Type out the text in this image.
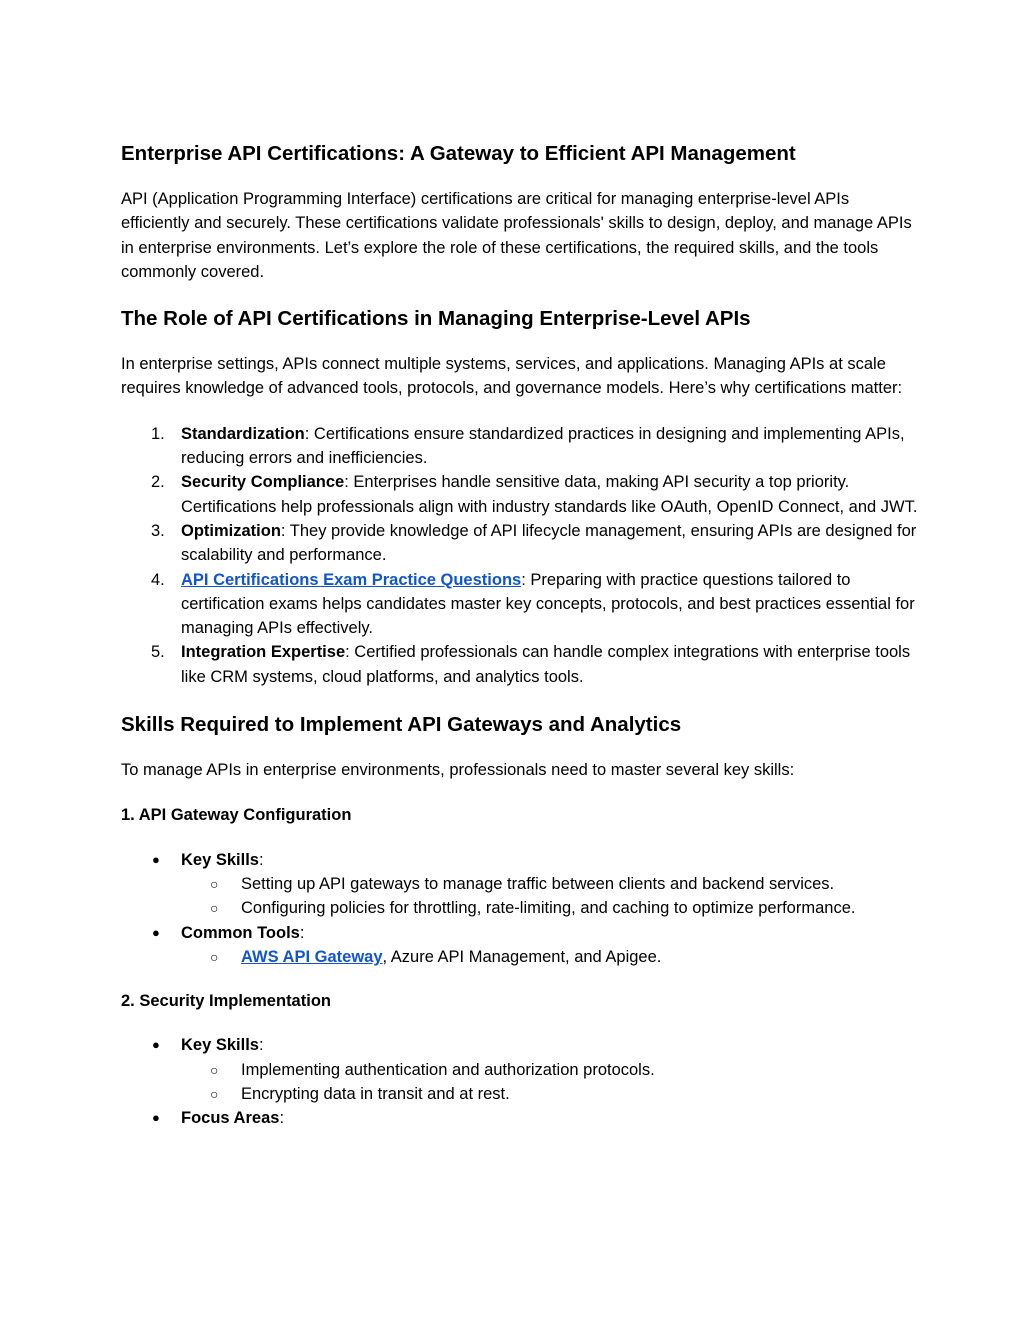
Enterprise API Certifications: A Gateway to Efficient API Management

API (Application Programming Interface) certifications are critical for managing enterprise-level APIs efficiently and securely. These certifications validate professionals' skills to design, deploy, and manage APIs in enterprise environments. Let’s explore the role of these certifications, the required skills, and the tools commonly covered.

The Role of API Certifications in Managing Enterprise-Level APIs

In enterprise settings, APIs connect multiple systems, services, and applications. Managing APIs at scale requires knowledge of advanced tools, protocols, and governance models. Here’s why certifications matter:

1. Standardization: Certifications ensure standardized practices in designing and implementing APIs, reducing errors and inefficiencies.
2. Security Compliance: Enterprises handle sensitive data, making API security a top priority. Certifications help professionals align with industry standards like OAuth, OpenID Connect, and JWT.
3. Optimization: They provide knowledge of API lifecycle management, ensuring APIs are designed for scalability and performance.
4. API Certifications Exam Practice Questions: Preparing with practice questions tailored to certification exams helps candidates master key concepts, protocols, and best practices essential for managing APIs effectively.
5. Integration Expertise: Certified professionals can handle complex integrations with enterprise tools like CRM systems, cloud platforms, and analytics tools.
Skills Required to Implement API Gateways and Analytics

To manage APIs in enterprise environments, professionals need to master several key skills:

1. API Gateway Configuration
● Key Skills:
○ Setting up API gateways to manage traffic between clients and backend services.
○ Configuring policies for throttling, rate-limiting, and caching to optimize performance.
● Common Tools:
○ AWS API Gateway, Azure API Management, and Apigee.
2. Security Implementation
● Key Skills:
○ Implementing authentication and authorization protocols.
○ Encrypting data in transit and at rest.
● Focus Areas:
